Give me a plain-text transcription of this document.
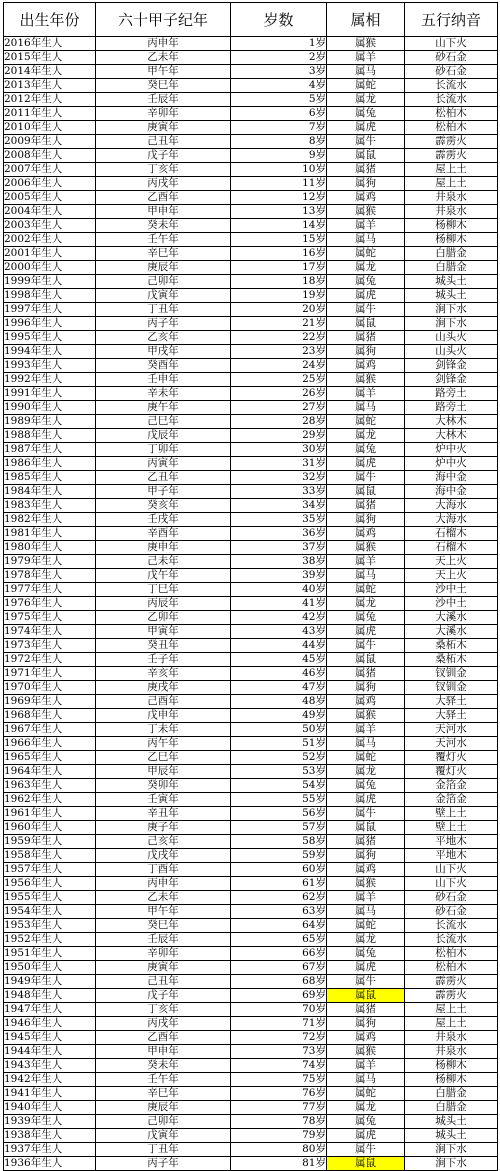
出生年份	六十甲子纪年	岁数	属相	五行纳音
2016年生人	丙申年	1岁	属猴	山下火
2015年生人	乙未年	2岁	属羊	砂石金
2014年生人	甲午年	3岁	属马	砂石金
2013年生人	癸巳年	4岁	属蛇	长流水
2012年生人	壬辰年	5岁	属龙	长流水
2011年生人	辛卯年	6岁	属兔	松柏木
2010年生人	庚寅年	7岁	属虎	松柏木
2009年生人	己丑年	8岁	属牛	霹雳火
2008年生人	戊子年	9岁	属鼠	霹雳火
2007年生人	丁亥年	10岁	属猪	屋上土
2006年生人	丙戌年	11岁	属狗	屋上土
2005年生人	乙酉年	12岁	属鸡	井泉水
2004年生人	甲申年	13岁	属猴	井泉水
2003年生人	癸未年	14岁	属羊	杨柳木
2002年生人	壬午年	15岁	属马	杨柳木
2001年生人	辛巳年	16岁	属蛇	白腊金
2000年生人	庚辰年	17岁	属龙	白腊金
1999年生人	己卯年	18岁	属兔	城头土
1998年生人	戊寅年	19岁	属虎	城头土
1997年生人	丁丑年	20岁	属牛	涧下水
1996年生人	丙子年	21岁	属鼠	涧下水
1995年生人	乙亥年	22岁	属猪	山头火
1994年生人	甲戌年	23岁	属狗	山头火
1993年生人	癸酉年	24岁	属鸡	剑锋金
1992年生人	壬申年	25岁	属猴	剑锋金
1991年生人	辛未年	26岁	属羊	路旁土
1990年生人	庚午年	27岁	属马	路旁土
1989年生人	己巳年	28岁	属蛇	大林木
1988年生人	戊辰年	29岁	属龙	大林木
1987年生人	丁卯年	30岁	属兔	炉中火
1986年生人	丙寅年	31岁	属虎	炉中火
1985年生人	乙丑年	32岁	属牛	海中金
1984年生人	甲子年	33岁	属鼠	海中金
1983年生人	癸亥年	34岁	属猪	大海水
1982年生人	壬戌年	35岁	属狗	大海水
1981年生人	辛酉年	36岁	属鸡	石榴木
1980年生人	庚申年	37岁	属猴	石榴木
1979年生人	己未年	38岁	属羊	天上火
1978年生人	戊午年	39岁	属马	天上火
1977年生人	丁巳年	40岁	属蛇	沙中土
1976年生人	丙辰年	41岁	属龙	沙中土
1975年生人	乙卯年	42岁	属兔	大溪水
1974年生人	甲寅年	43岁	属虎	大溪水
1973年生人	癸丑年	44岁	属牛	桑柘木
1972年生人	壬子年	45岁	属鼠	桑柘木
1971年生人	辛亥年	46岁	属猪	钗钏金
1970年生人	庚戌年	47岁	属狗	钗钏金
1969年生人	己酉年	48岁	属鸡	大驿土
1968年生人	戊申年	49岁	属猴	大驿土
1967年生人	丁未年	50岁	属羊	天河水
1966年生人	丙午年	51岁	属马	天河水
1965年生人	乙巳年	52岁	属蛇	覆灯火
1964年生人	甲辰年	53岁	属龙	覆灯火
1963年生人	癸卯年	54岁	属兔	金箔金
1962年生人	壬寅年	55岁	属虎	金箔金
1961年生人	辛丑年	56岁	属牛	壁上土
1960年生人	庚子年	57岁	属鼠	壁上土
1959年生人	己亥年	58岁	属猪	平地木
1958年生人	戊戌年	59岁	属狗	平地木
1957年生人	丁酉年	60岁	属鸡	山下火
1956年生人	丙申年	61岁	属猴	山下火
1955年生人	乙未年	62岁	属羊	砂石金
1954年生人	甲午年	63岁	属马	砂石金
1953年生人	癸巳年	64岁	属蛇	长流水
1952年生人	壬辰年	65岁	属龙	长流水
1951年生人	辛卯年	66岁	属兔	松柏木
1950年生人	庚寅年	67岁	属虎	松柏木
1949年生人	己丑年	68岁	属牛	霹雳火
1948年生人	戊子年	69岁	属鼠	霹雳火
1947年生人	丁亥年	70岁	属猪	屋上土
1946年生人	丙戌年	71岁	属狗	屋上土
1945年生人	乙酉年	72岁	属鸡	井泉水
1944年生人	甲申年	73岁	属猴	井泉水
1943年生人	癸未年	74岁	属羊	杨柳木
1942年生人	壬午年	75岁	属马	杨柳木
1941年生人	辛巳年	76岁	属蛇	白腊金
1940年生人	庚辰年	77岁	属龙	白腊金
1939年生人	己卯年	78岁	属兔	城头土
1938年生人	戊寅年	79岁	属虎	城头土
1937年生人	丁丑年	80岁	属牛	涧下水
1936年生人	丙子年	81岁	属鼠	涧下水
